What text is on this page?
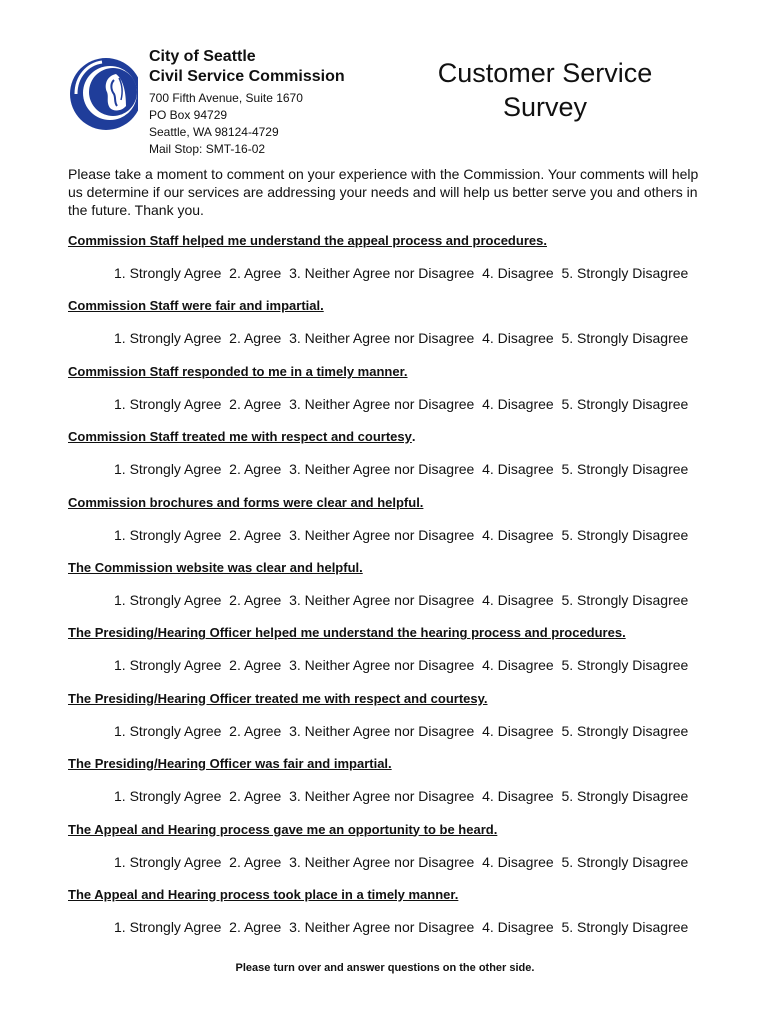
City of Seattle
Civil Service Commission
700 Fifth Avenue, Suite 1670
PO Box 94729
Seattle, WA 98124-4729
Mail Stop: SMT-16-02
Customer Service
Survey
Please take a moment to comment on your experience with the Commission. Your comments will help us determine if our services are addressing your needs and will help us better serve you and others in the future. Thank you.
Commission Staff helped me understand the appeal process and procedures.
1. Strongly Agree  2. Agree  3. Neither Agree nor Disagree  4. Disagree  5. Strongly Disagree
Commission Staff were fair and impartial.
1. Strongly Agree  2. Agree  3. Neither Agree nor Disagree  4. Disagree  5. Strongly Disagree
Commission Staff responded to me in a timely manner.
1. Strongly Agree  2. Agree  3. Neither Agree nor Disagree  4. Disagree  5. Strongly Disagree
Commission Staff treated me with respect and courtesy.
1. Strongly Agree  2. Agree  3. Neither Agree nor Disagree  4. Disagree  5. Strongly Disagree
Commission brochures and forms were clear and helpful.
1. Strongly Agree  2. Agree  3. Neither Agree nor Disagree  4. Disagree  5. Strongly Disagree
The Commission website was clear and helpful.
1. Strongly Agree  2. Agree  3. Neither Agree nor Disagree  4. Disagree  5. Strongly Disagree
The Presiding/Hearing Officer helped me understand the hearing process and procedures.
1. Strongly Agree  2. Agree  3. Neither Agree nor Disagree  4. Disagree  5. Strongly Disagree
The Presiding/Hearing Officer treated me with respect and courtesy.
1. Strongly Agree  2. Agree  3. Neither Agree nor Disagree  4. Disagree  5. Strongly Disagree
The Presiding/Hearing Officer was fair and impartial.
1. Strongly Agree  2. Agree  3. Neither Agree nor Disagree  4. Disagree  5. Strongly Disagree
The Appeal and Hearing process gave me an opportunity to be heard.
1. Strongly Agree  2. Agree  3. Neither Agree nor Disagree  4. Disagree  5. Strongly Disagree
The Appeal and Hearing process took place in a timely manner.
1. Strongly Agree  2. Agree  3. Neither Agree nor Disagree  4. Disagree  5. Strongly Disagree
Please turn over and answer questions on the other side.
